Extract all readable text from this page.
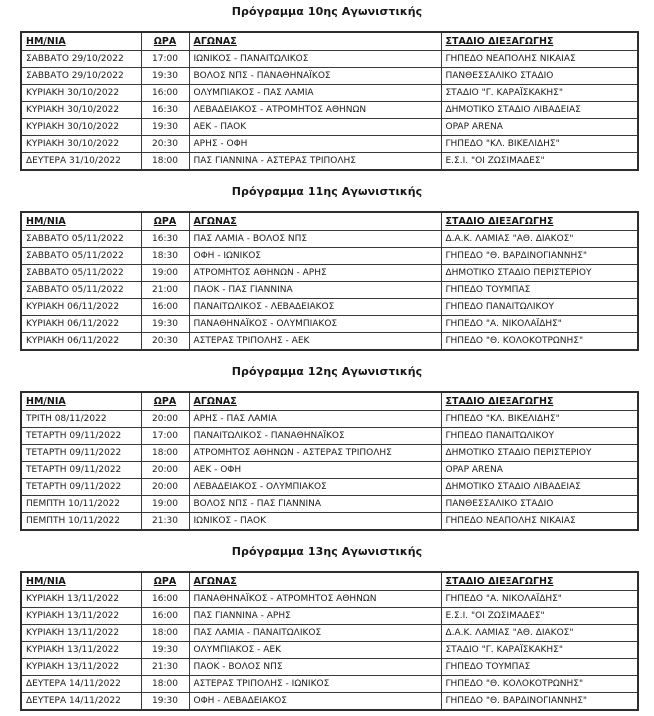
Πρόγραμμα 10ης Αγωνιστικής
ΗΜ/ΝΙΑ	ΩΡΑ	ΑΓΩΝΑΣ	ΣΤΑΔΙΟ ΔΙΕΞΑΓΩΓΗΣ
ΣΑΒΒΑΤΟ 29/10/2022	17:00	ΙΩΝΙΚΟΣ - ΠΑΝΑΙΤΩΛΙΚΟΣ	ΓΗΠΕΔΟ ΝΕΑΠΟΛΗΣ ΝΙΚΑΙΑΣ
ΣΑΒΒΑΤΟ 29/10/2022	19:30	ΒΟΛΟΣ ΝΠΣ - ΠΑΝΑΘΗΝΑΪΚΟΣ	ΠΑΝΘΕΣΣΑΛΙΚΟ ΣΤΑΔΙΟ
ΚΥΡΙΑΚΗ 30/10/2022	16:00	ΟΛΥΜΠΙΑΚΟΣ - ΠΑΣ ΛΑΜΙΑ	ΣΤΑΔΙΟ "Γ. ΚΑΡΑΪΣΚΑΚΗΣ"
ΚΥΡΙΑΚΗ 30/10/2022	16:30	ΛΕΒΑΔΕΙΑΚΟΣ - ΑΤΡΟΜΗΤΟΣ ΑΘΗΝΩΝ	ΔΗΜΟΤΙΚΟ ΣΤΑΔΙΟ ΛΙΒΑΔΕΙΑΣ
ΚΥΡΙΑΚΗ 30/10/2022	19:30	ΑΕΚ - ΠΑΟΚ	OPAP ARENA
ΚΥΡΙΑΚΗ 30/10/2022	20:30	ΑΡΗΣ - ΟΦΗ	ΓΗΠΕΔΟ "ΚΛ. ΒΙΚΕΛΙΔΗΣ"
ΔΕΥΤΕΡΑ 31/10/2022	18:00	ΠΑΣ ΓΙΑΝΝΙΝΑ - ΑΣΤΕΡΑΣ ΤΡΙΠΟΛΗΣ	Ε.Σ.Ι. "ΟΙ ΖΩΣΙΜΑΔΕΣ"
Πρόγραμμα 11ης Αγωνιστικής
ΗΜ/ΝΙΑ	ΩΡΑ	ΑΓΩΝΑΣ	ΣΤΑΔΙΟ ΔΙΕΞΑΓΩΓΗΣ
ΣΑΒΒΑΤΟ 05/11/2022	16:30	ΠΑΣ ΛΑΜΙΑ - ΒΟΛΟΣ ΝΠΣ	Δ.Α.Κ. ΛΑΜΙΑΣ "ΑΘ. ΔΙΑΚΟΣ"
ΣΑΒΒΑΤΟ 05/11/2022	18:30	ΟΦΗ - ΙΩΝΙΚΟΣ	ΓΗΠΕΔΟ "Θ. ΒΑΡΔΙΝΟΓΙΑΝΝΗΣ"
ΣΑΒΒΑΤΟ 05/11/2022	19:00	ΑΤΡΟΜΗΤΟΣ ΑΘΗΝΩΝ - ΑΡΗΣ	ΔΗΜΟΤΙΚΟ ΣΤΑΔΙΟ ΠΕΡΙΣΤΕΡΙΟΥ
ΣΑΒΒΑΤΟ 05/11/2022	21:00	ΠΑΟΚ - ΠΑΣ ΓΙΑΝΝΙΝΑ	ΓΗΠΕΔΟ ΤΟΥΜΠΑΣ
ΚΥΡΙΑΚΗ 06/11/2022	16:00	ΠΑΝΑΙΤΩΛΙΚΟΣ - ΛΕΒΑΔΕΙΑΚΟΣ	ΓΗΠΕΔΟ ΠΑΝΑΙΤΩΛΙΚΟΥ
ΚΥΡΙΑΚΗ 06/11/2022	19:30	ΠΑΝΑΘΗΝΑΪΚΟΣ - ΟΛΥΜΠΙΑΚΟΣ	ΓΗΠΕΔΟ "Α. ΝΙΚΟΛΑΪΔΗΣ"
ΚΥΡΙΑΚΗ 06/11/2022	20:30	ΑΣΤΕΡΑΣ ΤΡΙΠΟΛΗΣ - ΑΕΚ	ΓΗΠΕΔΟ "Θ. ΚΟΛΟΚΟΤΡΩΝΗΣ"
Πρόγραμμα 12ης Αγωνιστικής
ΗΜ/ΝΙΑ	ΩΡΑ	ΑΓΩΝΑΣ	ΣΤΑΔΙΟ ΔΙΕΞΑΓΩΓΗΣ
ΤΡΙΤΗ 08/11/2022	20:00	ΑΡΗΣ - ΠΑΣ ΛΑΜΙΑ	ΓΗΠΕΔΟ "ΚΛ. ΒΙΚΕΛΙΔΗΣ"
ΤΕΤΑΡΤΗ 09/11/2022	17:00	ΠΑΝΑΙΤΩΛΙΚΟΣ - ΠΑΝΑΘΗΝΑΪΚΟΣ	ΓΗΠΕΔΟ ΠΑΝΑΙΤΩΛΙΚΟΥ
ΤΕΤΑΡΤΗ 09/11/2022	18:00	ΑΤΡΟΜΗΤΟΣ ΑΘΗΝΩΝ - ΑΣΤΕΡΑΣ ΤΡΙΠΟΛΗΣ	ΔΗΜΟΤΙΚΟ ΣΤΑΔΙΟ ΠΕΡΙΣΤΕΡΙΟΥ
ΤΕΤΑΡΤΗ 09/11/2022	20:00	ΑΕΚ - ΟΦΗ	OPAP ARENA
ΤΕΤΑΡΤΗ 09/11/2022	20:00	ΛΕΒΑΔΕΙΑΚΟΣ - ΟΛΥΜΠΙΑΚΟΣ	ΔΗΜΟΤΙΚΟ ΣΤΑΔΙΟ ΛΙΒΑΔΕΙΑΣ
ΠΕΜΠΤΗ 10/11/2022	19:00	ΒΟΛΟΣ ΝΠΣ - ΠΑΣ ΓΙΑΝΝΙΝΑ	ΠΑΝΘΕΣΣΑΛΙΚΟ ΣΤΑΔΙΟ
ΠΕΜΠΤΗ 10/11/2022	21:30	ΙΩΝΙΚΟΣ - ΠΑΟΚ	ΓΗΠΕΔΟ ΝΕΑΠΟΛΗΣ ΝΙΚΑΙΑΣ
Πρόγραμμα 13ης Αγωνιστικής
ΗΜ/ΝΙΑ	ΩΡΑ	ΑΓΩΝΑΣ	ΣΤΑΔΙΟ ΔΙΕΞΑΓΩΓΗΣ
ΚΥΡΙΑΚΗ 13/11/2022	16:00	ΠΑΝΑΘΗΝΑΪΚΟΣ - ΑΤΡΟΜΗΤΟΣ ΑΘΗΝΩΝ	ΓΗΠΕΔΟ "Α. ΝΙΚΟΛΑΪΔΗΣ"
ΚΥΡΙΑΚΗ 13/11/2022	16:00	ΠΑΣ ΓΙΑΝΝΙΝΑ - ΑΡΗΣ	Ε.Σ.Ι. "ΟΙ ΖΩΣΙΜΑΔΕΣ"
ΚΥΡΙΑΚΗ 13/11/2022	18:00	ΠΑΣ ΛΑΜΙΑ - ΠΑΝΑΙΤΩΛΙΚΟΣ	Δ.Α.Κ. ΛΑΜΙΑΣ "ΑΘ. ΔΙΑΚΟΣ"
ΚΥΡΙΑΚΗ 13/11/2022	19:30	ΟΛΥΜΠΙΑΚΟΣ - ΑΕΚ	ΣΤΑΔΙΟ "Γ. ΚΑΡΑΪΣΚΑΚΗΣ"
ΚΥΡΙΑΚΗ 13/11/2022	21:30	ΠΑΟΚ - ΒΟΛΟΣ ΝΠΣ	ΓΗΠΕΔΟ ΤΟΥΜΠΑΣ
ΔΕΥΤΕΡΑ 14/11/2022	18:00	ΑΣΤΕΡΑΣ ΤΡΙΠΟΛΗΣ - ΙΩΝΙΚΟΣ	ΓΗΠΕΔΟ "Θ. ΚΟΛΟΚΟΤΡΩΝΗΣ"
ΔΕΥΤΕΡΑ 14/11/2022	19:30	ΟΦΗ - ΛΕΒΑΔΕΙΑΚΟΣ	ΓΗΠΕΔΟ "Θ. ΒΑΡΔΙΝΟΓΙΑΝΝΗΣ"
